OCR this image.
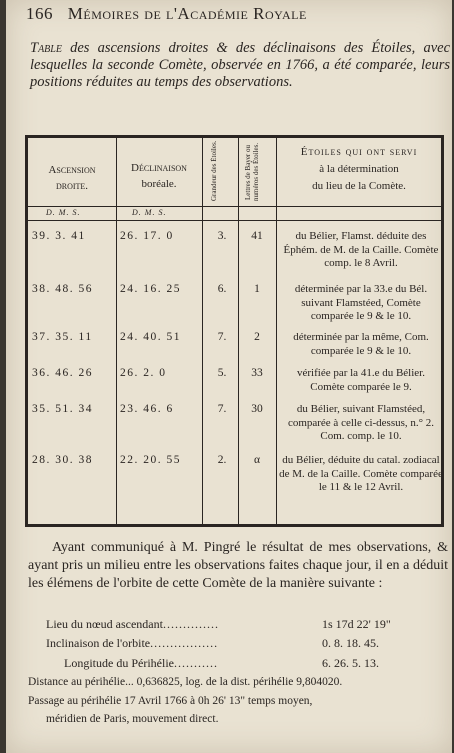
166 Mémoires de l'Académie Royale
Table des ascensions droites & des déclinaisons des Étoiles, avec lesquelles la seconde Comète, observée en 1766, a été comparée, leurs positions réduites au temps des observations.
Ascension droite.
Déclinaison
boréale.	Grandeur des Étoiles.	Lettres de Bayer ou numéros des Étoiles.	Étoiles qui ont servi
à la détermination
du lieu de la Comète.
D. M. S.	D. M. S.
39. 3. 41	26. 17. 0	3.	41	du Bélier, Flamst. déduite des Éphém. de M. de la Caille. Comète comp. le 8 Avril.
38. 48. 56	24. 16. 25	6.	1	déterminée par la 33.e du Bél. suivant Flamstéed, Comète comparée le 9 & le 10.
37. 35. 11	24. 40. 51	7.	2	déterminée par la même, Com. comparée le 9 & le 10.
36. 46. 26	26. 2. 0	5.	33	vérifiée par la 41.e du Bélier. Comète comparée le 9.
35. 51. 34	23. 46. 6	7.	30	du Bélier, suivant Flamstéed, comparée à celle ci-dessus, n.° 2. Com. comp. le 10.
28. 30. 38	22. 20. 55	2.	α	du Bélier, déduite du catal. zodiacal de M. de la Caille. Comète comparée le 11 & le 12 Avril.
Ayant communiqué à M. Pingré le résultat de mes observations, & ayant pris un milieu entre les observations faites chaque jour, il en a déduit les élémens de l'orbite de cette Comète de la manière suivante :
Lieu du nœud ascendant..............	1s 17d 22' 19"
Inclinaison de l'orbite.................	0. 8. 18. 45.
Longitude du Périhélie...........	6. 26. 5. 13.
Distance au périhélie... 0,636825, log. de la dist. périhélie 9,804020.
Passage au périhélie 17 Avril 1766 à 0h 26' 13" temps moyen,
méridien de Paris, mouvement direct.
